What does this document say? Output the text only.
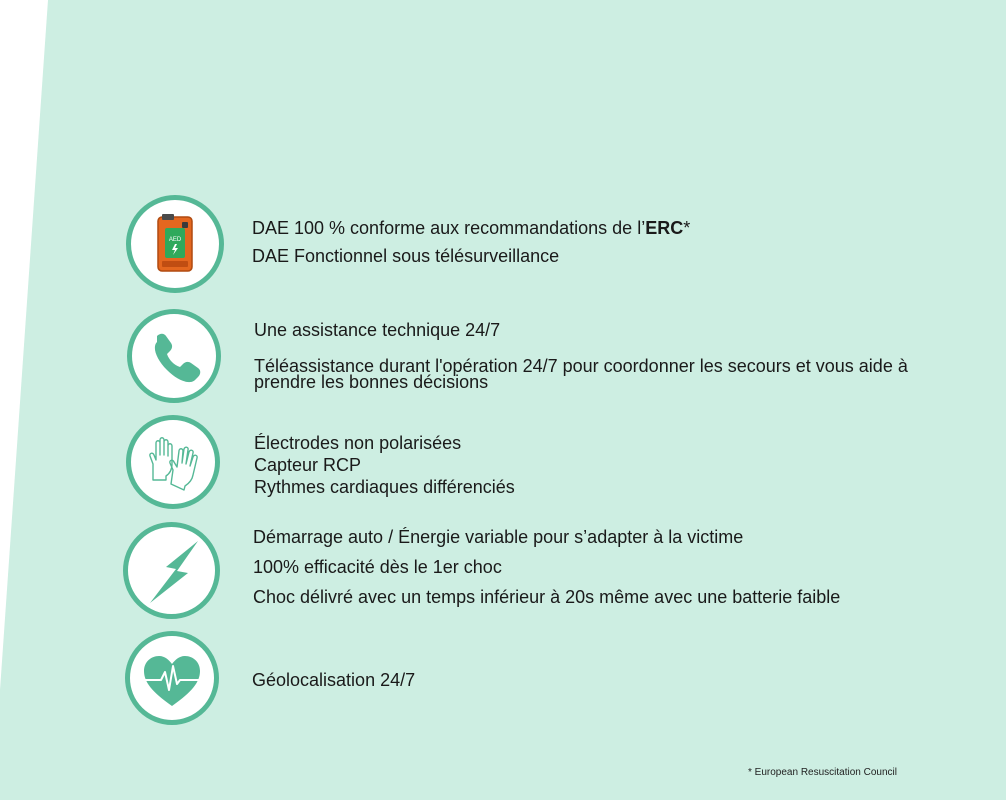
AED
DAE 100 % conforme aux recommandations de l’ERC*
DAE Fonctionnel sous télésurveillance
Une assistance technique 24/7
Téléassistance durant l'opération 24/7 pour coordonner les secours et vous aide à prendre les bonnes décisions
Électrodes non polarisées
Capteur RCP
Rythmes cardiaques différenciés
Démarrage auto / Énergie variable pour s’adapter à la victime
100% efficacité dès le 1er choc
Choc délivré avec un temps inférieur à 20s même avec une batterie faible
Géolocalisation 24/7
* European Resuscitation Council
